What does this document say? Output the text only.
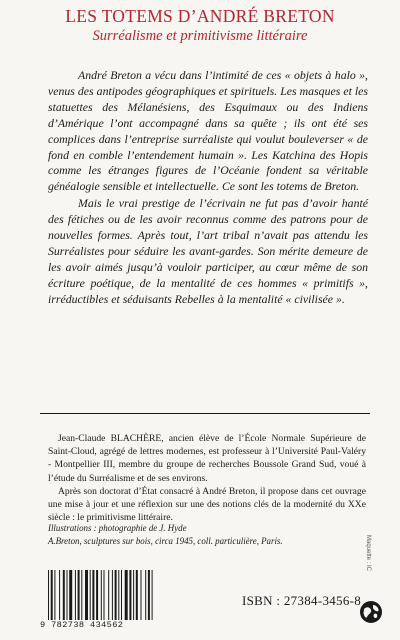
LES TOTEMS D’ANDRÉ BRETON
Surréalisme et primitivisme littéraire

André Breton a vécu dans l’intimité de ces « objets à halo », venus des antipodes géographiques et spirituels. Les masques et les statuettes des Mélanésiens, des Esquimaux ou des Indiens d’Amérique l’ont accompagné dans sa quête ; ils ont été ses complices dans l’entreprise surréaliste qui voulut bouleverser « de fond en comble l’entendement humain ». Les Katchina des Hopis comme les étranges figures de l’Océanie fondent sa véritable généalogie sensible et intellectuelle. Ce sont les totems de Breton.

Mais le vrai prestige de l’écrivain ne fut pas d’avoir hanté des fétiches ou de les avoir reconnus comme des patrons pour de nouvelles formes. Après tout, l’art tribal n’avait pas attendu les Surréalistes pour séduire les avant-gardes. Son mérite demeure de les avoir aimés jusqu’à vouloir participer, au cœur même de son écriture poétique, de la mentalité de ces hommes « primitifs », irréductibles et séduisants Rebelles à la mentalité « civilisée ».

Jean-Claude BLACHÈRE, ancien élève de l’École Normale Supérieure de Saint-Cloud, agrégé de lettres modernes, est professeur à l’Université Paul-Valéry - Montpellier III, membre du groupe de recherches Boussole Grand Sud, voué à l’étude du Surréalisme et de ses environs.

Après son doctorat d’État consacré à André Breton, il propose dans cet ouvrage une mise à jour et une réflexion sur une des notions clés de la modernité du XXe siècle : le primitivisme littéraire.

Illustrations : photographie de J. Hyde
A.Breton, sculptures sur bois, circa 1945, coll. particulière, Paris.	Maquette : IC
9 782738 434562
ISBN : 27384-3456-8
